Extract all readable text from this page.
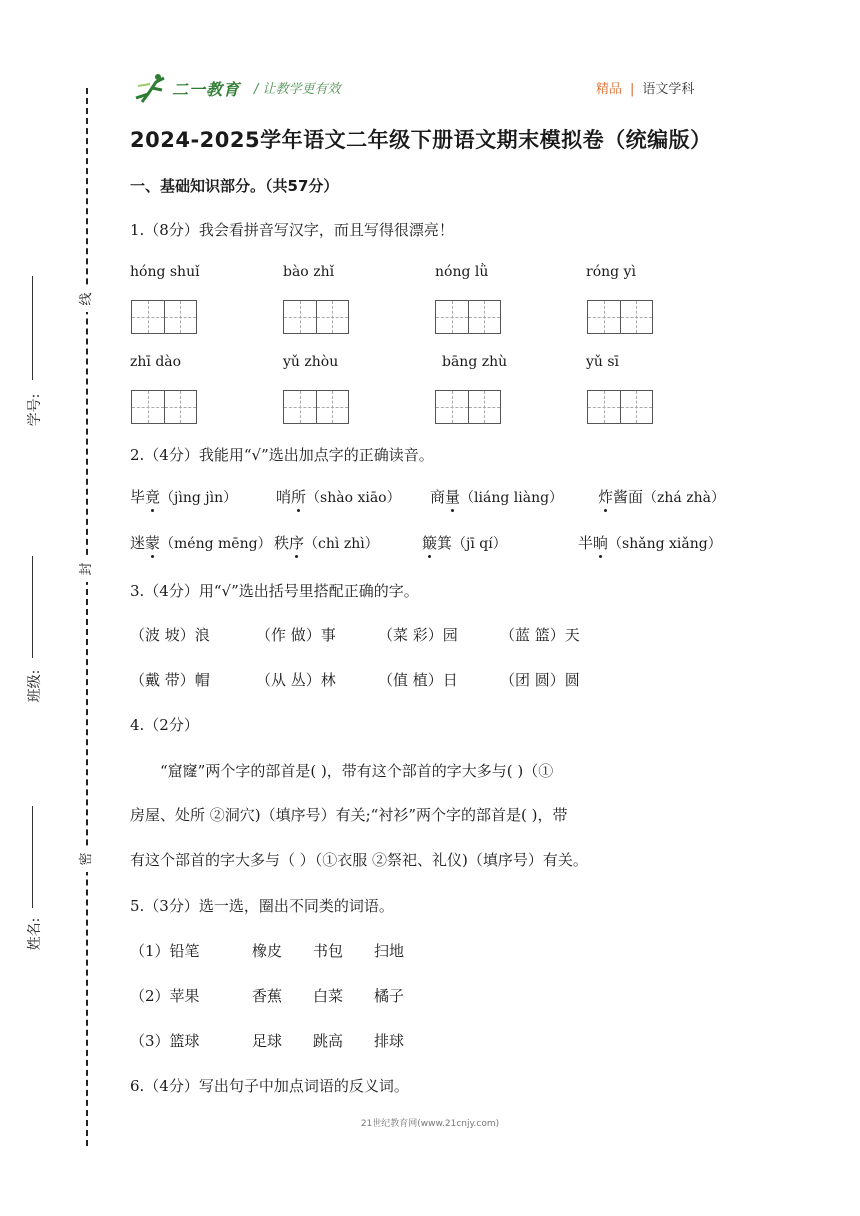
线
封
密
学号:
班级:
姓名:
二一教育 / 让教学更有效	精品 | 语文学科
2024-2025学年语文二年级下册语文期末模拟卷（统编版）
一、基础知识部分。（共57分）
1.（8分）我会看拼音写汉字，而且写得很漂亮！
hóng shuǐ	bào zhǐ	nóng lǜ	róng yì
zhī dào	yǔ zhòu	bāng zhù	yǔ sī
2.（4分）我能用“√”选出加点字的正确读音。
毕竟（jìng jìn）	哨所（shào xiāo） 商量（liáng liàng） 炸酱面（zhá zhà）
迷蒙（méng mēng） 秩序（chì zhì）	簸箕（jī qí）	半晌（shǎng xiǎng）
3.（4分）用“√”选出括号里搭配正确的字。
（波 坡）浪	（作 做）事	（菜 彩）园	（蓝 篮）天
（戴 带）帽	（从 丛）林	（值 植）日	（团 圆）圆
4.（2分）
“窟窿”两个字的部首是( )，带有这个部首的字大多与( )（①
房屋、处所 ②洞穴)（填序号）有关;“衬衫”两个字的部首是( )，带
有这个部首的字大多与（ ）（①衣服 ②祭祀、礼仪)（填序号）有关。
5.（3分）选一选，圈出不同类的词语。
（1）铅笔	橡皮 书包 扫地
（2）苹果	香蕉 白菜 橘子
（3）篮球	足球 跳高 排球
6.（4分）写出句子中加点词语的反义词。
21世纪教育网(www.21cnjy.com)
